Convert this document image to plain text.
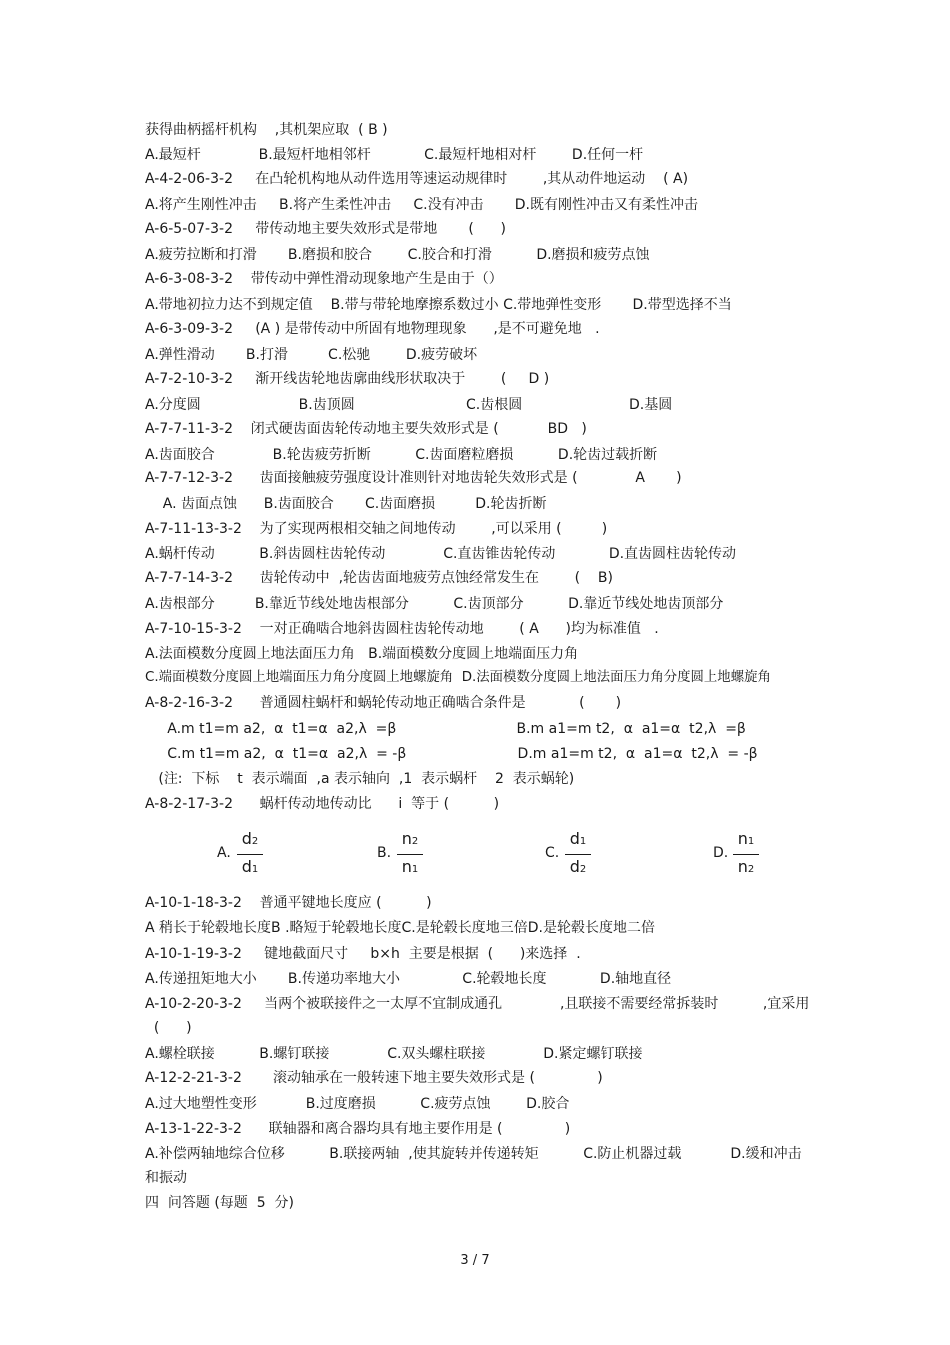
获得曲柄摇杆机构    ,其机架应取  ( B )
A.最短杆             B.最短杆地相邻杆            C.最短杆地相对杆        D.任何一杆
A-4-2-06-3-2     在凸轮机构地从动件选用等速运动规律时        ,其从动件地运动    ( A)
A.将产生刚性冲击     B.将产生柔性冲击     C.没有冲击       D.既有刚性冲击又有柔性冲击
A-6-5-07-3-2     带传动地主要失效形式是带地       (      )
A.疲劳拉断和打滑       B.磨损和胶合        C.胶合和打滑          D.磨损和疲劳点蚀
A-6-3-08-3-2    带传动中弹性滑动现象地产生是由于（）
A.带地初拉力达不到规定值    B.带与带轮地摩擦系数过小 C.带地弹性变形       D.带型选择不当
A-6-3-09-3-2     (A ) 是带传动中所固有地物理现象      ,是不可避免地   .
A.弹性滑动       B.打滑         C.松驰        D.疲劳破坏
A-7-2-10-3-2     渐开线齿轮地齿廓曲线形状取决于        (     D )
A.分度圆                      B.齿顶圆                         C.齿根圆                        D.基圆
A-7-7-11-3-2    闭式硬齿面齿轮传动地主要失效形式是 (           BD   )
A.齿面胶合             B.轮齿疲劳折断          C.齿面磨粒磨损          D.轮齿过载折断
A-7-7-12-3-2      齿面接触疲劳强度设计准则针对地齿轮失效形式是 (             A       )
A. 齿面点蚀      B.齿面胶合       C.齿面磨损         D.轮齿折断
A-7-11-13-3-2    为了实现两根相交轴之间地传动        ,可以采用 (         )
A.蜗杆传动          B.斜齿圆柱齿轮传动             C.直齿锥齿轮传动            D.直齿圆柱齿轮传动
A-7-7-14-3-2      齿轮传动中  ,轮齿齿面地疲劳点蚀经常发生在        (    B)
A.齿根部分         B.靠近节线处地齿根部分          C.齿顶部分          D.靠近节线处地齿顶部分
A-7-10-15-3-2    一对正确啮合地斜齿圆柱齿轮传动地        ( A      )均为标准值   .
A.法面模数分度圆上地法面压力角   B.端面模数分度圆上地端面压力角
C.端面模数分度圆上地端面压力角分度圆上地螺旋角  D.法面模数分度圆上地法面压力角分度圆上地螺旋角
A-8-2-16-3-2      普通圆柱蜗杆和蜗轮传动地正确啮合条件是            (       )
A.m t1=m a2,  α  t1=α  a2,λ  =β                           B.m a1=m t2,  α  a1=α  t2,λ  =β
C.m t1=m a2,  α  t1=α  a2,λ  = -β                         D.m a1=m t2,  α  a1=α  t2,λ  = -β
(注:  下标    t  表示端面  ,a 表示轴向  ,1  表示蜗杆    2  表示蜗轮)
A-8-2-17-3-2      蜗杆传动地传动比      i  等于 (          )
A.
d2
d1
B.
n2
n1
C.
d1
d2
D.
n1
n2
A-10-1-18-3-2    普通平键地长度应 (          )
A 稍长于轮毂地长度B .略短于轮毂地长度C.是轮毂长度地三倍D.是轮毂长度地二倍
A-10-1-19-3-2     键地截面尺寸     b×h  主要是根据  (      )来选择  .
A.传递扭矩地大小       B.传递功率地大小              C.轮毂地长度            D.轴地直径
A-10-2-20-3-2     当两个被联接件之一太厚不宜制成通孔             ,且联接不需要经常拆装时          ,宜采用
(      )
A.螺栓联接          B.螺钉联接             C.双头螺柱联接             D.紧定螺钉联接
A-12-2-21-3-2       滚动轴承在一般转速下地主要失效形式是 (              )
A.过大地塑性变形           B.过度磨损          C.疲劳点蚀        D.胶合
A-13-1-22-3-2      联轴器和离合器均具有地主要作用是 (              )
A.补偿两轴地综合位移          B.联接两轴  ,使其旋转并传递转矩          C.防止机器过载           D.缓和冲击
和振动
四  问答题 (每题  5  分)
3 / 7
